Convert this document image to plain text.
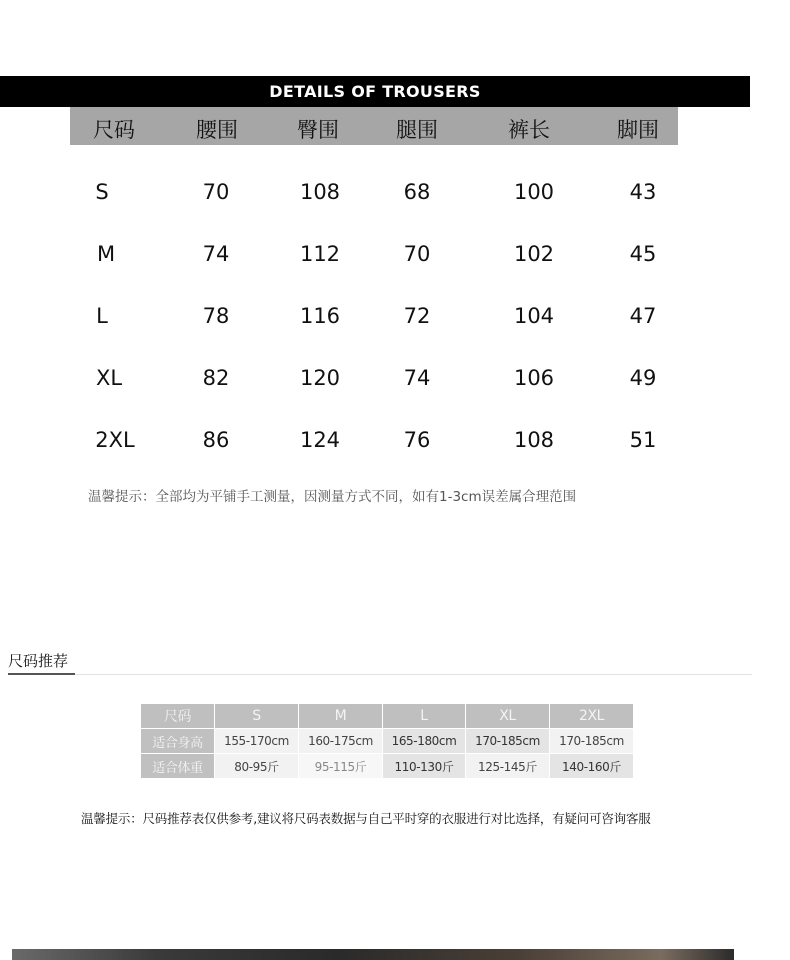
DETAILS OF TROUSERS
尺码	腰围	臀围	腿围	裤长	脚围
S	70	108	68	100	43
M	74	112	70	102	45
L	78	116	72	104	47
XL	82	120	74	106	49
2XL	86	124	76	108	51
温馨提示：全部均为平铺手工测量，因测量方式不同，如有1-3cm误差属合理范围
尺码推荐
尺码	S	M	L	XL	2XL
适合身高	155-170cm	160-175cm	165-180cm	170-185cm	170-185cm
适合体重	80-95斤	95-115斤	110-130斤	125-145斤	140-160斤
温馨提示：尺码推荐表仅供参考,建议将尺码表数据与自己平时穿的衣服进行对比选择，有疑问可咨询客服
